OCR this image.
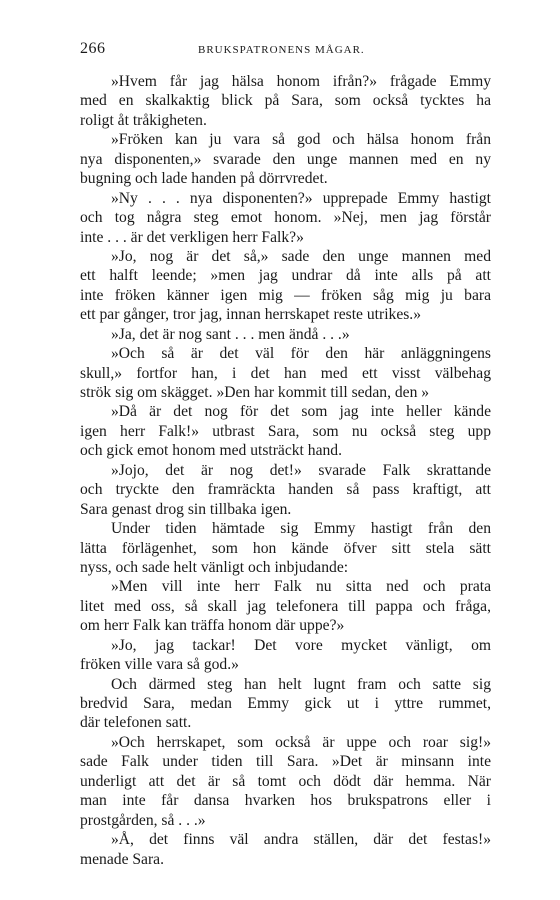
266	BRUKSPATRONENS MÅGAR.
»Hvem får jag hälsa honom ifrån?» frågade Emmy
med en skalkaktig blick på Sara, som också tycktes ha
roligt åt tråkigheten.
»Fröken kan ju vara så god och hälsa honom från
nya disponenten,» svarade den unge mannen med en ny
bugning och lade handen på dörrvredet.
»Ny . . . nya disponenten?» upprepade Emmy hastigt
och tog några steg emot honom. »Nej, men jag förstår
inte . . . är det verkligen herr Falk?»
»Jo, nog är det så,» sade den unge mannen med
ett halft leende; »men jag undrar då inte alls på att
inte fröken känner igen mig — fröken såg mig ju bara
ett par gånger, tror jag, innan herrskapet reste utrikes.»
»Ja, det är nog sant . . . men ändå . . .»
»Och så är det väl för den här anläggningens
skull,» fortfor han, i det han med ett visst välbehag
strök sig om skägget. »Den har kommit till sedan, den »
»Då är det nog för det som jag inte heller kände
igen herr Falk!» utbrast Sara, som nu också steg upp
och gick emot honom med utsträckt hand.
»Jojo, det är nog det!» svarade Falk skrattande
och tryckte den framräckta handen så pass kraftigt, att
Sara genast drog sin tillbaka igen.
Under tiden hämtade sig Emmy hastigt från den
lätta förlägenhet, som hon kände öfver sitt stela sätt
nyss, och sade helt vänligt och inbjudande:
»Men vill inte herr Falk nu sitta ned och prata
litet med oss, så skall jag telefonera till pappa och fråga,
om herr Falk kan träffa honom där uppe?»
»Jo, jag tackar! Det vore mycket vänligt, om
fröken ville vara så god.»
Och därmed steg han helt lugnt fram och satte sig
bredvid Sara, medan Emmy gick ut i yttre rummet,
där telefonen satt.
»Och herrskapet, som också är uppe och roar sig!»
sade Falk under tiden till Sara. »Det är minsann inte
underligt att det är så tomt och dödt där hemma. När
man inte får dansa hvarken hos brukspatrons eller i
prostgården, så . . .»
»Å, det finns väl andra ställen, där det festas!»
menade Sara.
